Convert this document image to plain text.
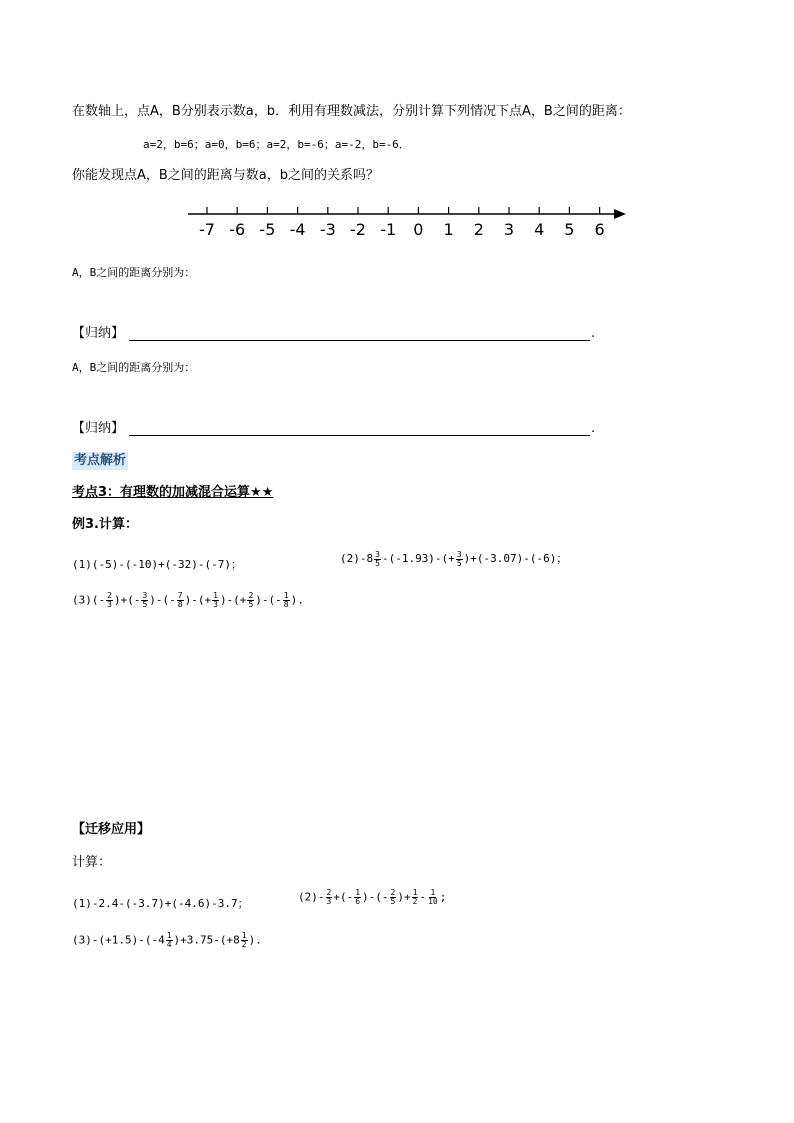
在数轴上，点A，B分别表示数a，b．利用有理数减法，分别计算下列情况下点A，B之间的距离：
a=2，b=6；a=0，b=6；a=2，b=-6；a=-2，b=-6．
你能发现点A，B之间的距离与数a，b之间的关系吗？
-7 -6 -5 -4 -3 -2 -1 0 1 2 3 4 5 6
A，B之间的距离分别为：
【归纳】	.
A，B之间的距离分别为：
【归纳】	.
考点解析
考点3：有理数的加减混合运算★★
例3.计算：
(1)(-5)-(-10)+(-32)-(-7)；	$(2)-8 \frac{3}{5} -(-1.93)-(+ \frac{3}{5} )+(-3.07)-(-6)$；
$(3)(- \frac{2}{3}$ )+(- $\frac{3}{5}$ )-(- $\frac{7}{8}$ )-(+ $\frac{1}{3}$ )-(+ $\frac{2}{5}$ )-(- $\frac{1}{8}$ ).
【迁移应用】
计算：
(1)-2.4-(-3.7)+(-4.6)-3.7；	$(2)- \frac{2}{3}$ +(- $\frac{1}{6}$ )-(- $\frac{2}{5}$ )+ $\frac{1}{2} - \frac{1}{10}$ ;
$(3)-(+1.5)-(-4 \frac{1}{4} )+3.75-(+8 \frac{1}{2}$ ).
